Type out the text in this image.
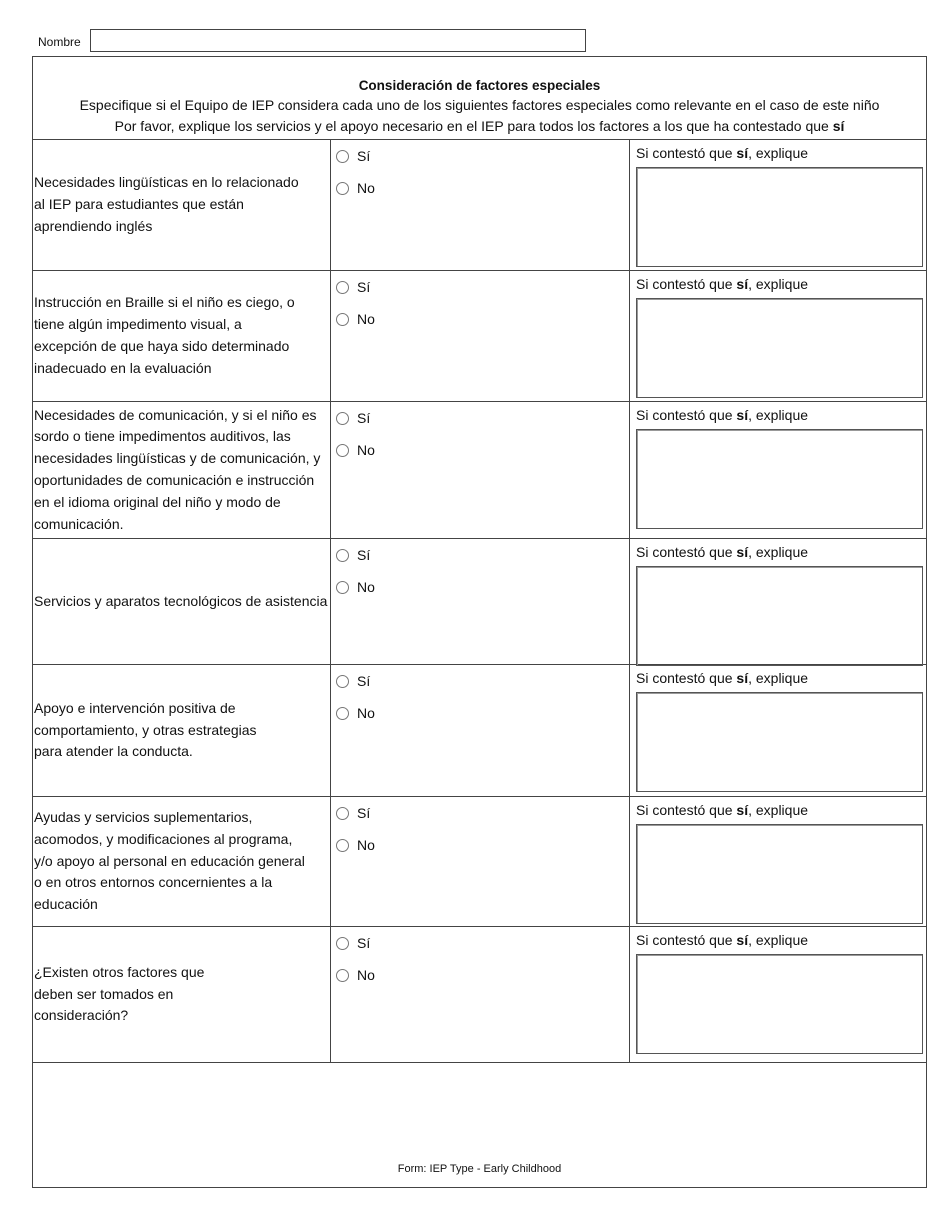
Nombre
Consideración de factores especiales
Especifique si el Equipo de IEP considera cada uno de los siguientes factores especiales como relevante en el caso de este niño
Por favor, explique los servicios y el apoyo necesario en el IEP para todos los factores a los que ha contestado que sí
Necesidades lingüísticas en lo relacionado
al IEP para estudiantes que están
aprendiendo inglés
Sí
No
Si contestó que sí, explique
Instrucción en Braille si el niño es ciego, o
tiene algún impedimento visual, a
excepción de que haya sido determinado
inadecuado en la evaluación
Sí
No
Si contestó que sí, explique
Necesidades de comunicación, y si el niño es
sordo o tiene impedimentos auditivos, las
necesidades lingüísticas y de comunicación, y
oportunidades de comunicación e instrucción
en el idioma original del niño y modo de
comunicación.
Sí
No
Si contestó que sí, explique
Servicios y aparatos tecnológicos de asistencia
Sí
No
Si contestó que sí, explique
Apoyo e intervención positiva de
comportamiento, y otras estrategias
para atender la conducta.
Sí
No
Si contestó que sí, explique
Ayudas y servicios suplementarios,
acomodos, y modificaciones al programa,
y/o apoyo al personal en educación general
o en otros entornos concernientes a la
educación
Sí
No
Si contestó que sí, explique
¿Existen otros factores que
deben ser tomados en
consideración?
Sí
No
Si contestó que sí, explique
Form: IEP Type - Early Childhood
